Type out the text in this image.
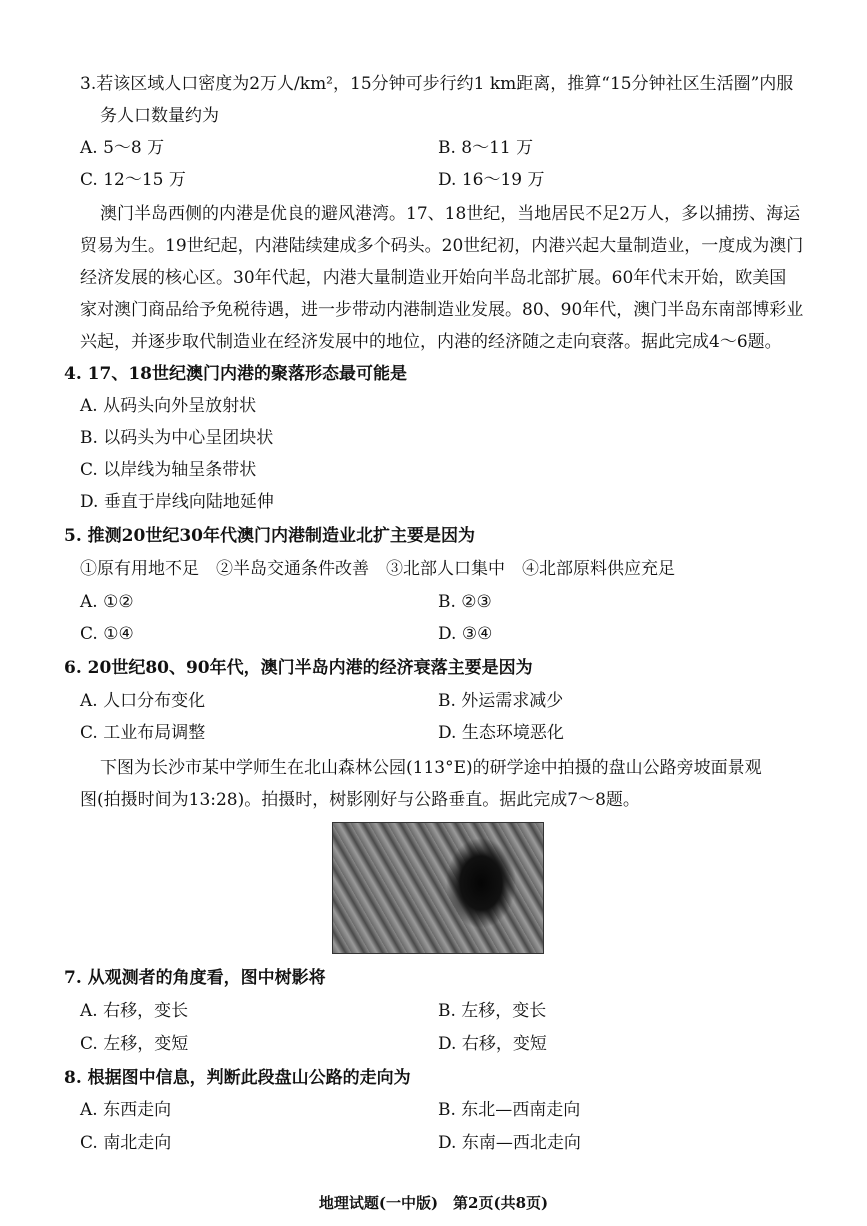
3.若该区域人口密度为2万人/km²，15分钟可步行约1 km距离，推算“15分钟社区生活圈”内服
务人口数量约为
A. 5～8 万	B. 8～11 万
C. 12～15 万	D. 16～19 万
澳门半岛西侧的内港是优良的避风港湾。17、18世纪，当地居民不足2万人，多以捕捞、海运
贸易为生。19世纪起，内港陆续建成多个码头。20世纪初，内港兴起大量制造业，一度成为澳门
经济发展的核心区。30年代起，内港大量制造业开始向半岛北部扩展。60年代末开始，欧美国
家对澳门商品给予免税待遇，进一步带动内港制造业发展。80、90年代，澳门半岛东南部博彩业
兴起，并逐步取代制造业在经济发展中的地位，内港的经济随之走向衰落。据此完成4～6题。
4. 17、18世纪澳门内港的聚落形态最可能是
A. 从码头向外呈放射状
B. 以码头为中心呈团块状
C. 以岸线为轴呈条带状
D. 垂直于岸线向陆地延伸
5. 推测20世纪30年代澳门内港制造业北扩主要是因为
①原有用地不足　②半岛交通条件改善　③北部人口集中　④北部原料供应充足
A. ①②	B. ②③
C. ①④	D. ③④
6. 20世纪80、90年代，澳门半岛内港的经济衰落主要是因为
A. 人口分布变化	B. 外运需求减少
C. 工业布局调整	D. 生态环境恶化
下图为长沙市某中学师生在北山森林公园(113°E)的研学途中拍摄的盘山公路旁坡面景观
图(拍摄时间为13:28)。拍摄时，树影刚好与公路垂直。据此完成7～8题。
7. 从观测者的角度看，图中树影将
A. 右移，变长	B. 左移，变长
C. 左移，变短	D. 右移，变短
8. 根据图中信息，判断此段盘山公路的走向为
A. 东西走向	B. 东北—西南走向
C. 南北走向	D. 东南—西北走向
地理试题(一中版)　第2页(共8页)
